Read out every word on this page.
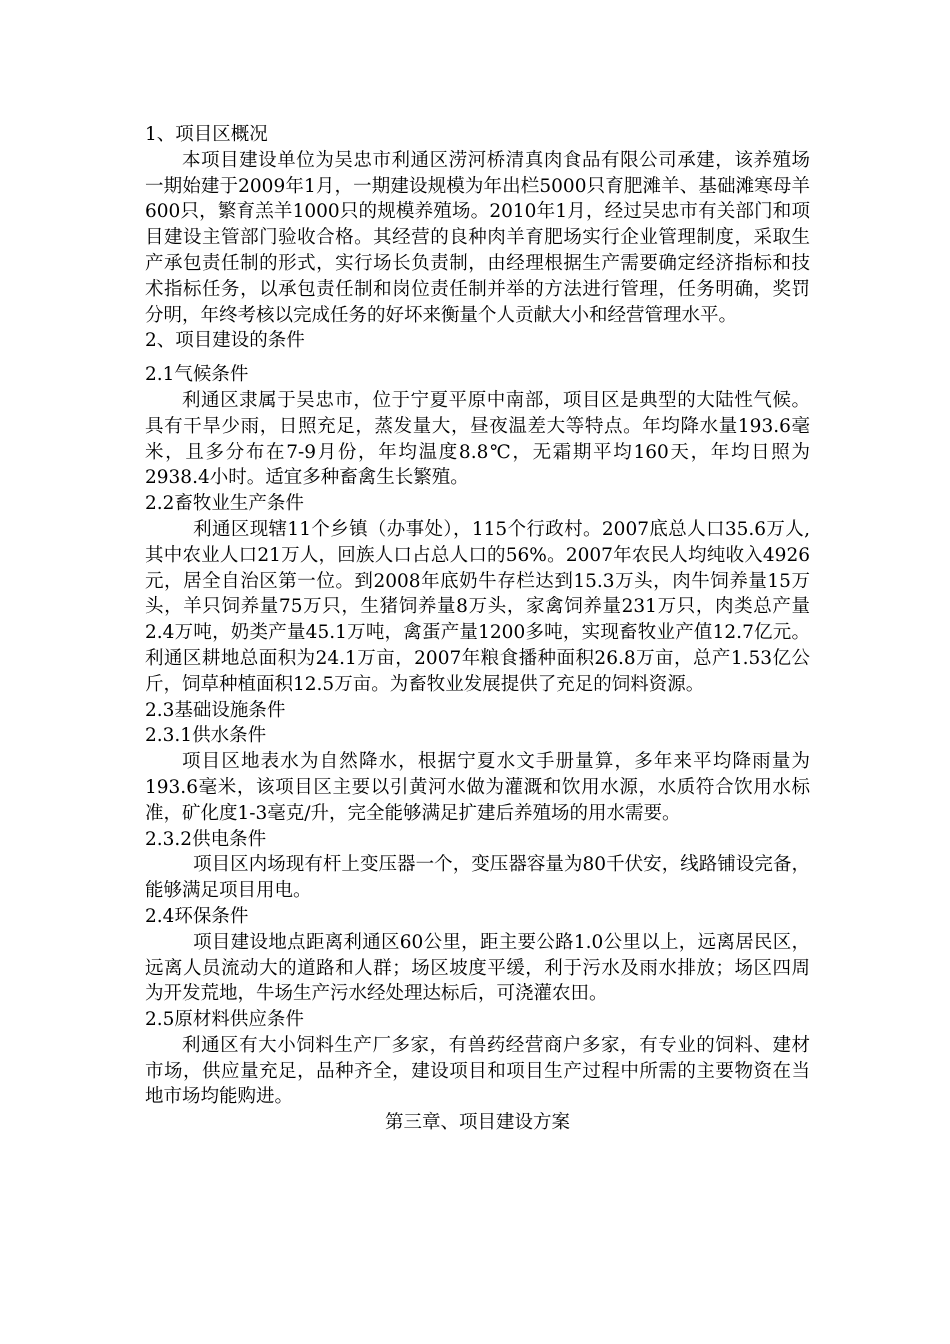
1、项目区概况

本项目建设单位为吴忠市利通区涝河桥清真肉食品有限公司承建，该养殖场一期始建于2009年1月，一期建设规模为年出栏5000只育肥滩羊、基础滩寒母羊600只，繁育羔羊1000只的规模养殖场。2010年1月，经过吴忠市有关部门和项目建设主管部门验收合格。其经营的良种肉羊育肥场实行企业管理制度，采取生产承包责任制的形式，实行场长负责制，由经理根据生产需要确定经济指标和技术指标任务，以承包责任制和岗位责任制并举的方法进行管理，任务明确，奖罚分明，年终考核以完成任务的好坏来衡量个人贡献大小和经营管理水平。

2、项目建设的条件
2.1气候条件

利通区隶属于吴忠市，位于宁夏平原中南部，项目区是典型的大陆性气候。具有干旱少雨，日照充足，蒸发量大，昼夜温差大等特点。年均降水量193.6毫米，且多分布在7-9月份，年均温度8.8℃，无霜期平均160天，年均日照为2938.4小时。适宜多种畜禽生长繁殖。

2.2畜牧业生产条件

利通区现辖11个乡镇（办事处），115个行政村。2007底总人口35.6万人,其中农业人口21万人，回族人口占总人口的56%。2007年农民人均纯收入4926元，居全自治区第一位。到2008年底奶牛存栏达到15.3万头，肉牛饲养量15万头，羊只饲养量75万只，生猪饲养量8万头，家禽饲养量231万只，肉类总产量2.4万吨，奶类产量45.1万吨，禽蛋产量1200多吨，实现畜牧业产值12.7亿元。利通区耕地总面积为24.1万亩，2007年粮食播种面积26.8万亩，总产1.53亿公斤，饲草种植面积12.5万亩。为畜牧业发展提供了充足的饲料资源。

2.3基础设施条件
2.3.1供水条件

项目区地表水为自然降水，根据宁夏水文手册量算，多年来平均降雨量为193.6毫米，该项目区主要以引黄河水做为灌溉和饮用水源，水质符合饮用水标准，矿化度1-3毫克/升，完全能够满足扩建后养殖场的用水需要。

2.3.2供电条件

项目区内场现有杆上变压器一个，变压器容量为80千伏安，线路铺设完备，能够满足项目用电。

2.4环保条件

项目建设地点距离利通区60公里，距主要公路1.0公里以上，远离居民区，远离人员流动大的道路和人群；场区坡度平缓，利于污水及雨水排放；场区四周为开发荒地，牛场生产污水经处理达标后，可浇灌农田。

2.5原材料供应条件

利通区有大小饲料生产厂多家，有兽药经营商户多家，有专业的饲料、建材市场，供应量充足，品种齐全，建设项目和项目生产过程中所需的主要物资在当地市场均能购进。

第三章、项目建设方案
